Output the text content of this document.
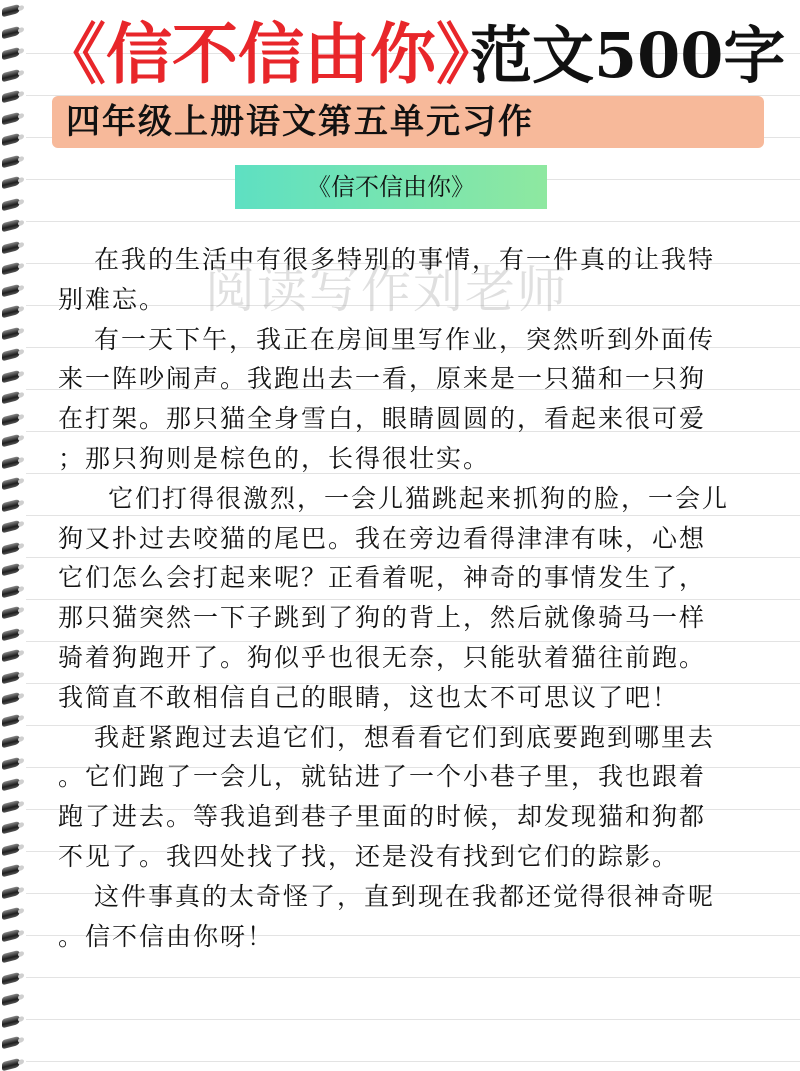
《信不信由你》
范文500字
四年级上册语文第五单元习作
《信不信由你》
在我的生活中有很多特别的事情，有一件真的让我特
别难忘。
有一天下午，我正在房间里写作业，突然听到外面传
来一阵吵闹声。我跑出去一看，原来是一只猫和一只狗
在打架。那只猫全身雪白，眼睛圆圆的，看起来很可爱
；那只狗则是棕色的，长得很壮实。
它们打得很激烈，一会儿猫跳起来抓狗的脸，一会儿
狗又扑过去咬猫的尾巴。我在旁边看得津津有味，心想
它们怎么会打起来呢？正看着呢，神奇的事情发生了，
那只猫突然一下子跳到了狗的背上，然后就像骑马一样
骑着狗跑开了。狗似乎也很无奈，只能驮着猫往前跑。
我简直不敢相信自己的眼睛，这也太不可思议了吧！
我赶紧跑过去追它们，想看看它们到底要跑到哪里去
。它们跑了一会儿，就钻进了一个小巷子里，我也跟着
跑了进去。等我追到巷子里面的时候，却发现猫和狗都
不见了。我四处找了找，还是没有找到它们的踪影。
这件事真的太奇怪了，直到现在我都还觉得很神奇呢
。信不信由你呀！
阅读写作刘老师
